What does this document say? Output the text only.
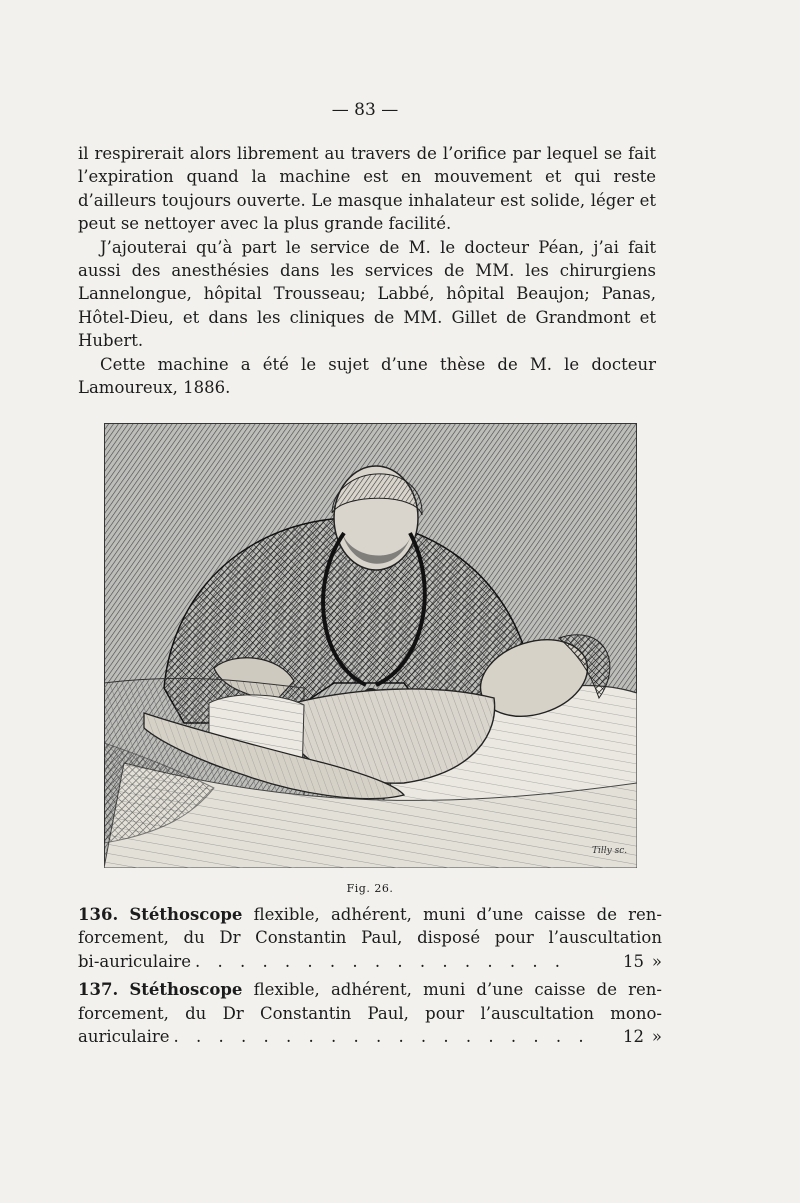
— 83 —

il respirerait alors librement au travers de l’orifice par lequel se fait l’expiration quand la machine est en mouvement et qui reste d’ailleurs toujours ouverte. Le masque inhalateur est solide, léger et peut se nettoyer avec la plus grande facilité.

J’ajouterai qu’à part le service de M. le docteur Péan, j’ai fait aussi des anesthésies dans les services de MM. les chirurgiens Lannelongue, hôpital Trousseau; Labbé, hôpital Beaujon; Panas, Hôtel-Dieu, et dans les cliniques de MM. Gillet de Grandmont et Hubert.

Cette machine a été le sujet d’une thèse de M. le docteur Lamoureux, 1886.

Tilly sc.
Fig. 26.
136. Stéthoscope flexible, adhérent, muni d’une caisse de ren-
forcement, du Dr Constantin Paul, disposé pour l’auscultation
bi-auriculaire . . . . . . . . . . . . . . . . .	15 »
137. Stéthoscope flexible, adhérent, muni d’une caisse de ren-
forcement, du Dr Constantin Paul, pour l’auscultation mono-
auriculaire . . . . . . . . . . . . . . . . . . .	12 »
